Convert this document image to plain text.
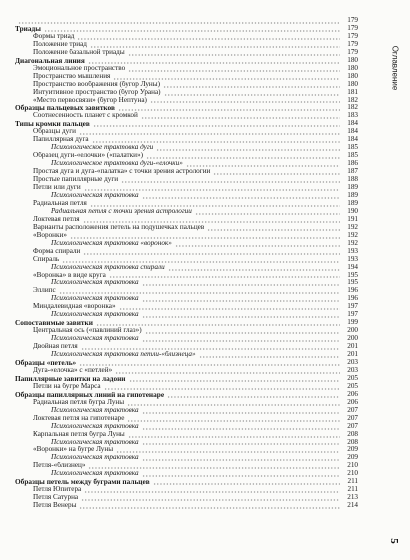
179
Триады	179
Формы триад	179
Положение триад	179
Положение базальной триады	179
Диагональная линия	180
Эмоциональное пространство	180
Пространство мышления	180
Пространство воображения (бугор Луны)	180
Интуитивное пространство (бугор Урана)	181
«Место первосвязи» (бугор Нептуна)	182
Образцы пальцевых завитков	182
Соотнесенность планет с кромкой	183
Типы кромки пальцев	184
Образцы дуги	184
Папиллярная дуга	184
Психологическое трактовка дуги	185
Образец дуги-«елочки» («палатки»)	185
Психологическое трактовка дуги-«елочки»	186
Простая дуга и дуга-«палатка» с точки зрения астрологии	187
Простые папиллярные дуги	188
Петли или дуги	189
Психологическая трактовка	189
Радиальная петля	189
Радиальная петля с точки зрения астрологии	190
Локтевая петля	191
Варианты расположения петель на подушечках пальцев	192
«Воронки»	192
Психологическая трактовка «воронок»	192
Форма спирали	193
Спираль	193
Психологическая трактовка спирали	194
«Воронка» в виде круга	195
Психологическая трактовка	195
Эллипс	196
Психологическая трактовка	196
Миндалевидная «воронка»	197
Психологическая трактовка	197
Сопоставимые завитки	199
Центральная ось («павлиний глаз»)	200
Психологическая трактовка	200
Двойная петля	201
Психологическая трактовка петли-«близнеца»	201
Образцы «петель»	203
Дуга-«елочка» с «петлей»	203
Папиллярные завитки на ладони	205
Петли на бугре Марса	205
Образцы папиллярных линий на гипотенаре	206
Радиальная петля бугра Луны	206
Психологическая трактовка	207
Локтевая петля на гипотенаре	207
Психологическая трактовка	207
Карпальная петля бугра Луны	208
Психологическая трактовка	208
«Воронки» на бугре Луны	209
Психологическая трактовка	209
Петля-«близнец»	210
Психологическая трактовка	210
Образцы петель между буграми пальцев	211
Петля Юпитера	211
Петля Сатурна	213
Петля Венеры	214
Оглавление
5
